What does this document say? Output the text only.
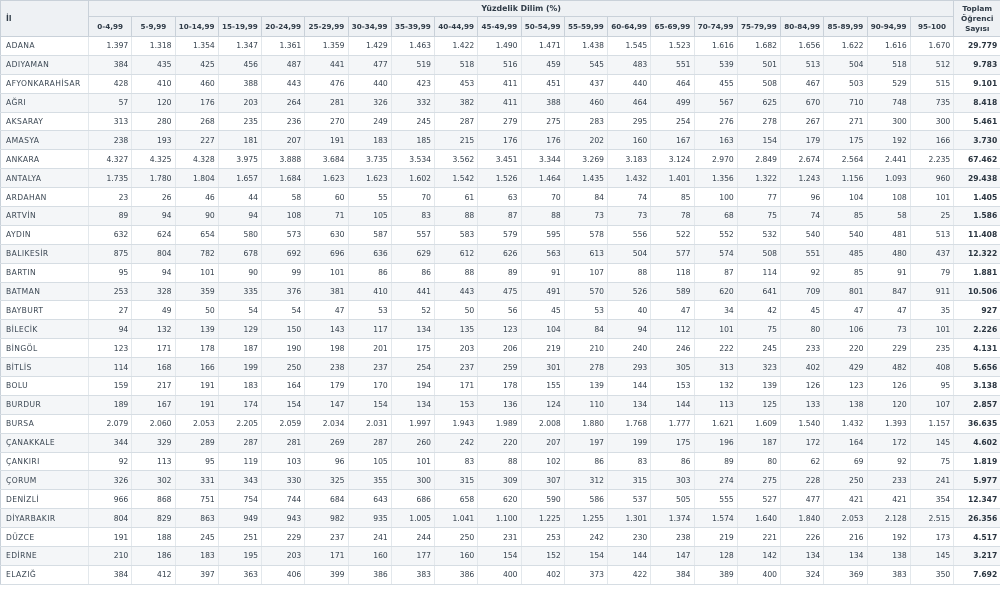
İl	Yüzdelik Dilim (%)																				Toplam Öğrenci Sayısı
	0-4,99	5-9,99	10-14,99	15-19,99	20-24,99	25-29,99	30-34,99	35-39,99	40-44,99	45-49,99	50-54,99	55-59,99	60-64,99	65-69,99	70-74,99	75-79,99	80-84,99	85-89,99	90-94,99	95-100	
ADANA	1.397	1.318	1.354	1.347	1.361	1.359	1.429	1.463	1.422	1.490	1.471	1.438	1.545	1.523	1.616	1.682	1.656	1.622	1.616	1.670	29.779
ADIYAMAN	384	435	425	456	487	441	477	519	518	516	459	545	483	551	539	501	513	504	518	512	9.783
AFYONKARAHİSAR	428	410	460	388	443	476	440	423	453	411	451	437	440	464	455	508	467	503	529	515	9.101
AĞRI	57	120	176	203	264	281	326	332	382	411	388	460	464	499	567	625	670	710	748	735	8.418
AKSARAY	313	280	268	235	236	270	249	245	287	279	275	283	295	254	276	278	267	271	300	300	5.461
AMASYA	238	193	227	181	207	191	183	185	215	176	176	202	160	167	163	154	179	175	192	166	3.730
ANKARA	4.327	4.325	4.328	3.975	3.888	3.684	3.735	3.534	3.562	3.451	3.344	3.269	3.183	3.124	2.970	2.849	2.674	2.564	2.441	2.235	67.462
ANTALYA	1.735	1.780	1.804	1.657	1.684	1.623	1.623	1.602	1.542	1.526	1.464	1.435	1.432	1.401	1.356	1.322	1.243	1.156	1.093	960	29.438
ARDAHAN	23	26	46	44	58	60	55	70	61	63	70	84	74	85	100	77	96	104	108	101	1.405
ARTVİN	89	94	90	94	108	71	105	83	88	87	88	73	73	78	68	75	74	85	58	25	1.586
AYDIN	632	624	654	580	573	630	587	557	583	579	595	578	556	522	552	532	540	540	481	513	11.408
BALIKESİR	875	804	782	678	692	696	636	629	612	626	563	613	504	577	574	508	551	485	480	437	12.322
BARTIN	95	94	101	90	99	101	86	86	88	89	91	107	88	118	87	114	92	85	91	79	1.881
BATMAN	253	328	359	335	376	381	410	441	443	475	491	570	526	589	620	641	709	801	847	911	10.506
BAYBURT	27	49	50	54	54	47	53	52	50	56	45	53	40	47	34	42	45	47	47	35	927
BİLECİK	94	132	139	129	150	143	117	134	135	123	104	84	94	112	101	75	80	106	73	101	2.226
BİNGÖL	123	171	178	187	190	198	201	175	203	206	219	210	240	246	222	245	233	220	229	235	4.131
BİTLİS	114	168	166	199	250	238	237	254	237	259	301	278	293	305	313	323	402	429	482	408	5.656
BOLU	159	217	191	183	164	179	170	194	171	178	155	139	144	153	132	139	126	123	126	95	3.138
BURDUR	189	167	191	174	154	147	154	134	153	136	124	110	134	144	113	125	133	138	120	107	2.857
BURSA	2.079	2.060	2.053	2.205	2.059	2.034	2.031	1.997	1.943	1.989	2.008	1.880	1.768	1.777	1.621	1.609	1.540	1.432	1.393	1.157	36.635
ÇANAKKALE	344	329	289	287	281	269	287	260	242	220	207	197	199	175	196	187	172	164	172	145	4.602
ÇANKIRI	92	113	95	119	103	96	105	101	83	88	102	86	83	86	89	80	62	69	92	75	1.819
ÇORUM	326	302	331	343	330	325	355	300	315	309	307	312	315	303	274	275	228	250	233	241	5.977
DENİZLİ	966	868	751	754	744	684	643	686	658	620	590	586	537	505	555	527	477	421	421	354	12.347
DİYARBAKIR	804	829	863	949	943	982	935	1.005	1.041	1.100	1.225	1.255	1.301	1.374	1.574	1.640	1.840	2.053	2.128	2.515	26.356
DÜZCE	191	188	245	251	229	237	241	244	250	231	253	242	230	238	219	221	226	216	192	173	4.517
EDİRNE	210	186	183	195	203	171	160	177	160	154	152	154	144	147	128	142	134	134	138	145	3.217
ELAZIĞ	384	412	397	363	406	399	386	383	386	400	402	373	422	384	389	400	324	369	383	350	7.692
